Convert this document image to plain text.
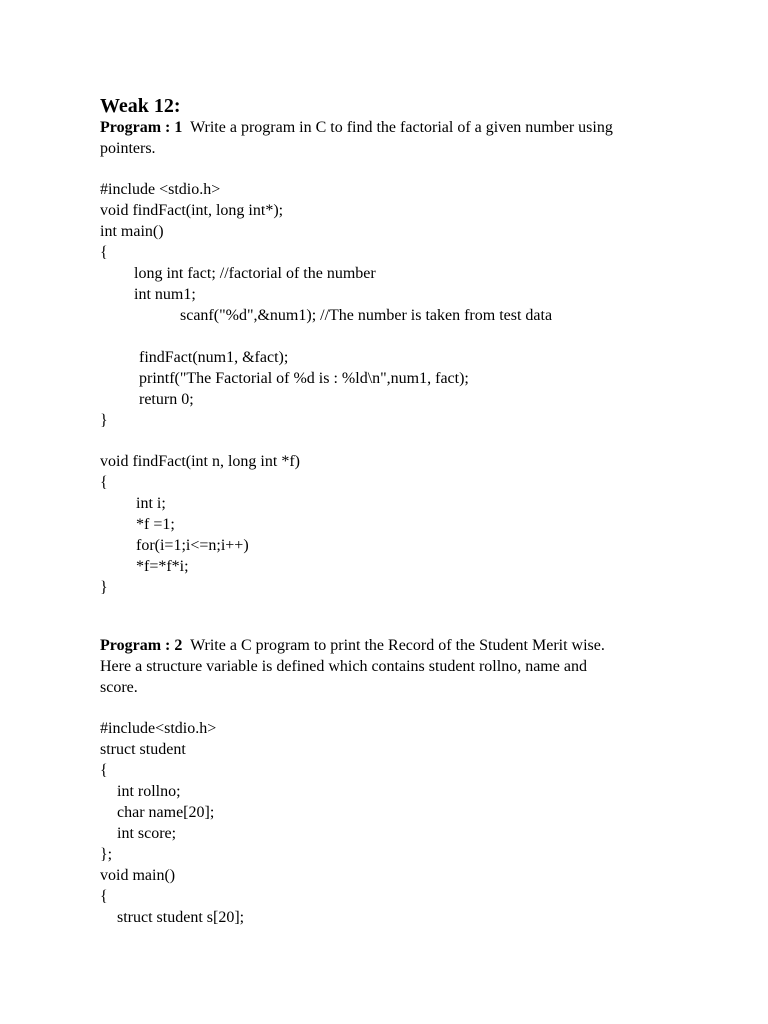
Weak 12:
Program : 1 Write a program in C to find the factorial of a given number using
pointers.
#include <stdio.h>
void findFact(int, long int*);
int main()
{
long int fact; //factorial of the number
int num1;
scanf("%d",&num1); //The number is taken from test data
findFact(num1, &fact);
printf("The Factorial of %d is : %ld\n",num1, fact);
return 0;
}
void findFact(int n, long int *f)
{
int i;
*f =1;
for(i=1;i<=n;i++)
*f=*f*i;
}
Program : 2 Write a C program to print the Record of the Student Merit wise.
Here a structure variable is defined which contains student rollno, name and
score.
#include<stdio.h>
struct student
{
int rollno;
char name[20];
int score;
};
void main()
{
struct student s[20];
